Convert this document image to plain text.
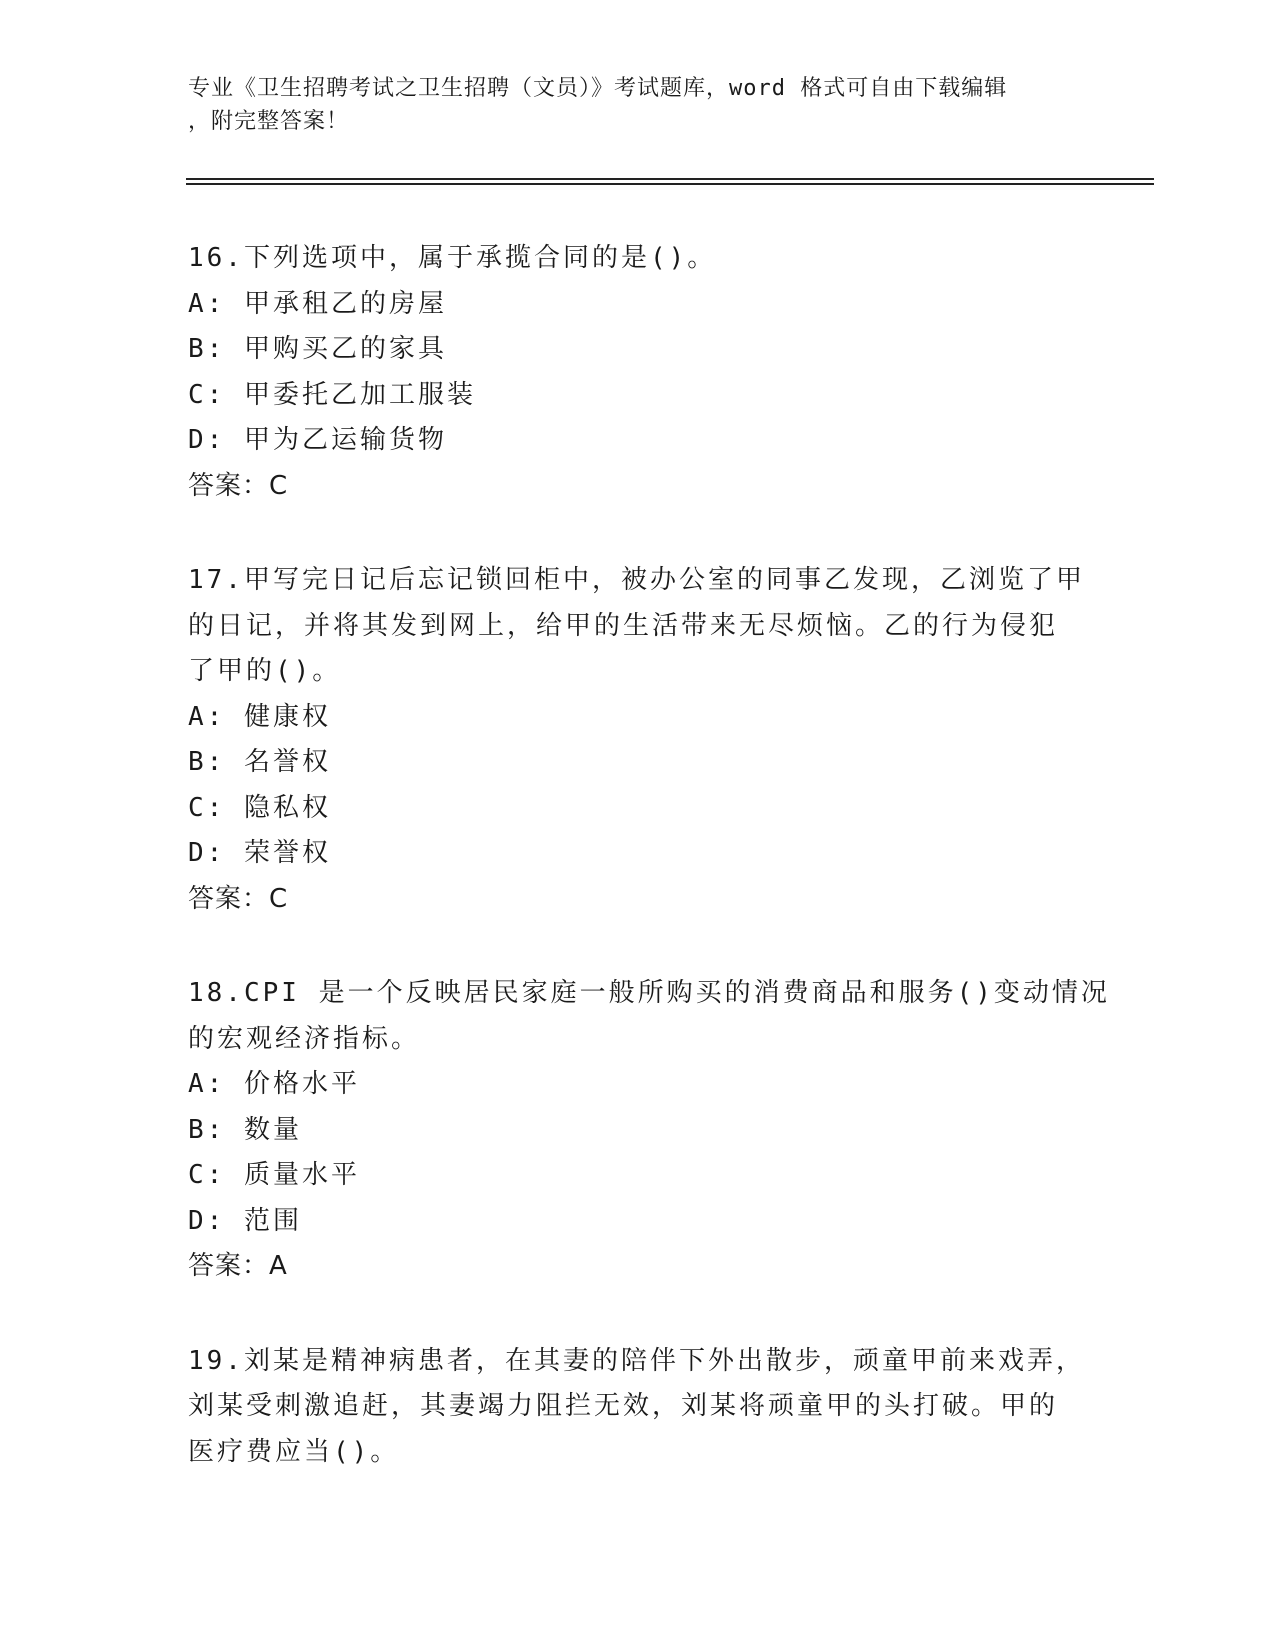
专业《卫生招聘考试之卫生招聘（文员）》考试题库，word 格式可自由下载编辑
，附完整答案！
16.下列选项中，属于承揽合同的是()。
A: 甲承租乙的房屋
B: 甲购买乙的家具
C: 甲委托乙加工服装
D: 甲为乙运输货物
答案：C
17.甲写完日记后忘记锁回柜中，被办公室的同事乙发现，乙浏览了甲
的日记，并将其发到网上，给甲的生活带来无尽烦恼。乙的行为侵犯
了甲的()。
A: 健康权
B: 名誉权
C: 隐私权
D: 荣誉权
答案：C
18.CPI 是一个反映居民家庭一般所购买的消费商品和服务()变动情况
的宏观经济指标。
A: 价格水平
B: 数量
C: 质量水平
D: 范围
答案：A
19.刘某是精神病患者，在其妻的陪伴下外出散步，顽童甲前来戏弄，
刘某受刺激追赶，其妻竭力阻拦无效，刘某将顽童甲的头打破。甲的
医疗费应当()。
